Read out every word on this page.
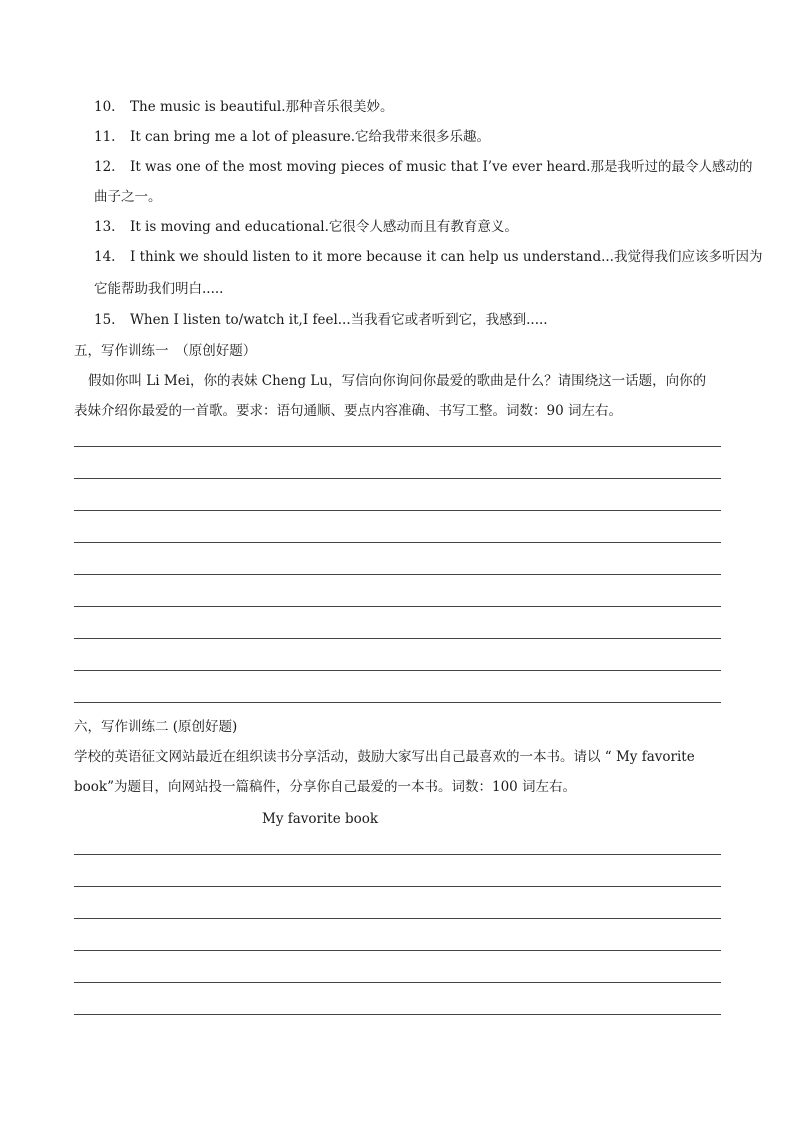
10. The music is beautiful.那种音乐很美妙。
11. It can bring me a lot of pleasure.它给我带来很多乐趣。
12. It was one of the most moving pieces of music that I’ve ever heard.那是我听过的最令人感动的
曲子之一。
13. It is moving and educational.它很令人感动而且有教育意义。
14. I think we should listen to it more because it can help us understand...我觉得我们应该多听因为
它能帮助我们明白.....
15. When I listen to/watch it,I feel...当我看它或者听到它，我感到.....
五，写作训练一　（原创好题）
假如你叫 Li Mei，你的表妹 Cheng Lu，写信向你询问你最爱的歌曲是什么？请围绕这一话题，向你的
表妹介绍你最爱的一首歌。要求：语句通顺、要点内容准确、书写工整。词数：90 词左右。
六，写作训练二 (原创好题)
学校的英语征文网站最近在组织读书分享活动，鼓励大家写出自己最喜欢的一本书。请以 “ My favorite
book”为题目，向网站投一篇稿件，分享你自己最爱的一本书。词数：100 词左右。
My favorite book
